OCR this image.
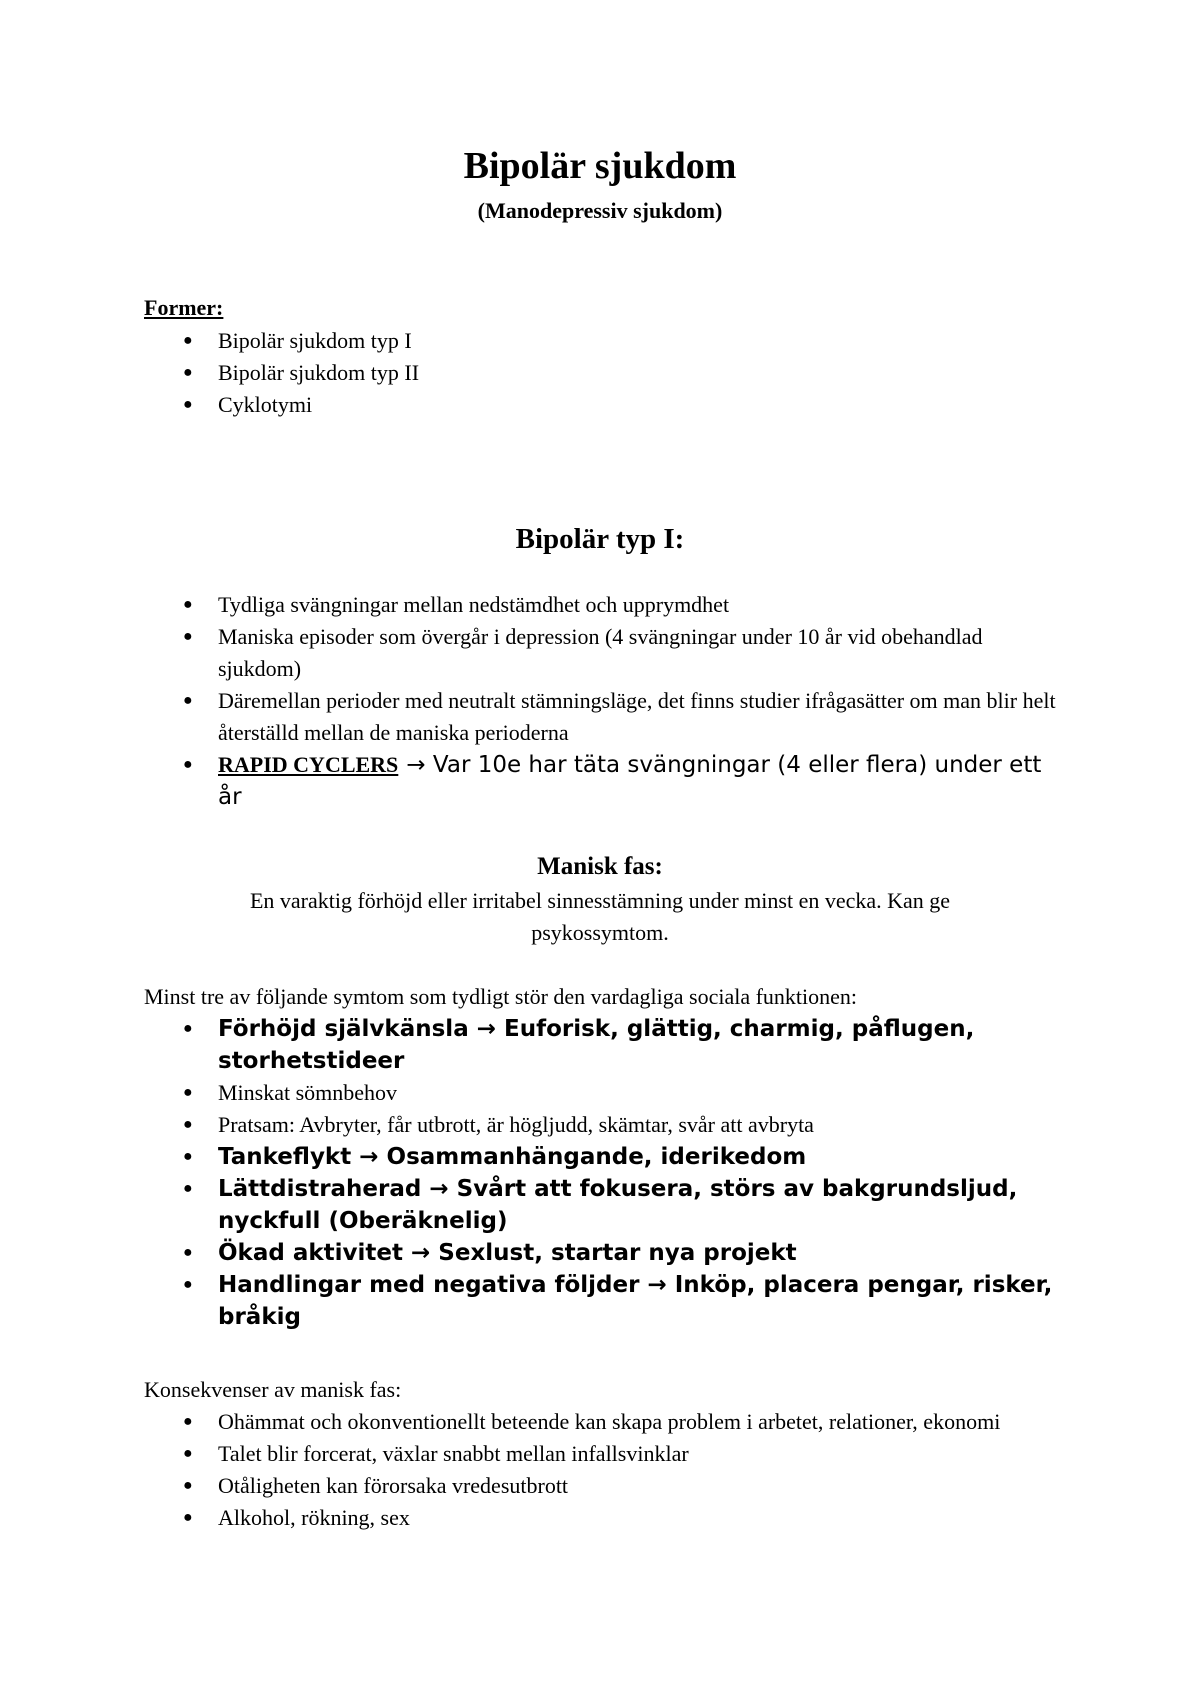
Bipolär sjukdom
(Manodepressiv sjukdom)
Former:
● Bipolär sjukdom typ I
● Bipolär sjukdom typ II
● Cyklotymi
Bipolär typ I:
● Tydliga svängningar mellan nedstämdhet och upprymdhet
● Maniska episoder som övergår i depression (4 svängningar under 10 år vid obehandlad sjukdom)
● Däremellan perioder med neutralt stämningsläge, det finns studier ifrågasätter om man blir helt återställd mellan de maniska perioderna
● RAPID CYCLERS → Var 10e har täta svängningar (4 eller flera) under ett år
Manisk fas:
En varaktig förhöjd eller irritabel sinnesstämning under minst en vecka. Kan ge psykossymtom.
Minst tre av följande symtom som tydligt stör den vardagliga sociala funktionen:
● Förhöjd självkänsla → Euforisk, glättig, charmig, påflugen, storhetstideer
● Minskat sömnbehov
● Pratsam: Avbryter, får utbrott, är högljudd, skämtar, svår att avbryta
● Tankeflykt → Osammanhängande, iderikedom
● Lättdistraherad → Svårt att fokusera, störs av bakgrundsljud, nyckfull (Oberäknelig)
● Ökad aktivitet → Sexlust, startar nya projekt
● Handlingar med negativa följder → Inköp, placera pengar, risker, bråkig
Konsekvenser av manisk fas:
● Ohämmat och okonventionellt beteende kan skapa problem i arbetet, relationer, ekonomi
● Talet blir forcerat, växlar snabbt mellan infallsvinklar
● Otåligheten kan förorsaka vredesutbrott
● Alkohol, rökning, sex
